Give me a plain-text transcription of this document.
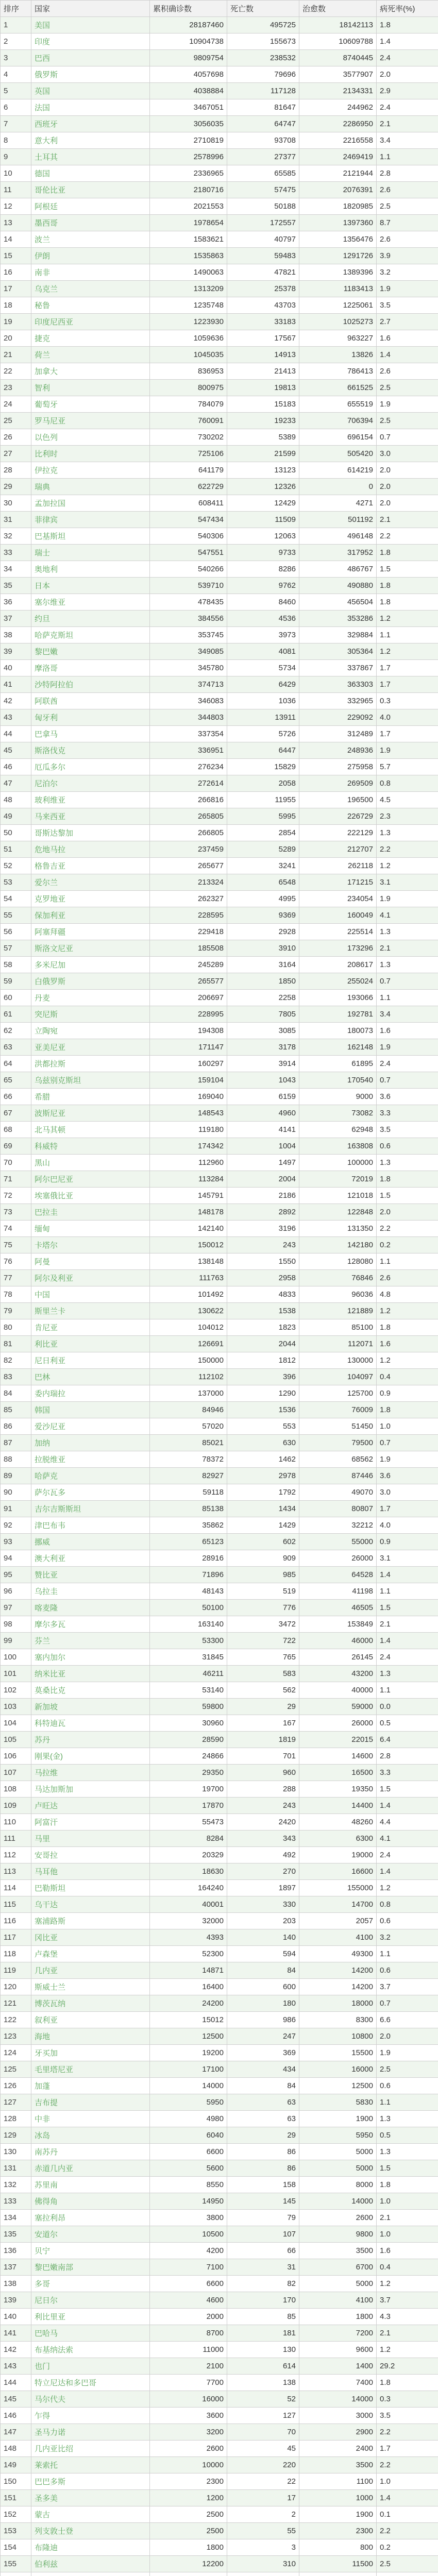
排序	国家	累积确诊数	死亡数	治愈数	病死率(%)
1	美国	28187460	495725	18142113	1.8
2	印度	10904738	155673	10609788	1.4
3	巴西	9809754	238532	8740445	2.4
4	俄罗斯	4057698	79696	3577907	2.0
5	英国	4038884	117128	2134331	2.9
6	法国	3467051	81647	244962	2.4
7	西班牙	3056035	64747	2286950	2.1
8	意大利	2710819	93708	2216558	3.4
9	土耳其	2578996	27377	2469419	1.1
10	德国	2336965	65585	2121944	2.8
11	哥伦比亚	2180716	57475	2076391	2.6
12	阿根廷	2021553	50188	1820985	2.5
13	墨西哥	1978654	172557	1397360	8.7
14	波兰	1583621	40797	1356476	2.6
15	伊朗	1535863	59483	1291726	3.9
16	南非	1490063	47821	1389396	3.2
17	乌克兰	1313209	25378	1183413	1.9
18	秘鲁	1235748	43703	1225061	3.5
19	印度尼西亚	1223930	33183	1025273	2.7
20	捷克	1059636	17567	963227	1.6
21	荷兰	1045035	14913	13826	1.4
22	加拿大	836953	21413	786413	2.6
23	智利	800975	19813	661525	2.5
24	葡萄牙	784079	15183	655519	1.9
25	罗马尼亚	760091	19233	706394	2.5
26	以色列	730202	5389	696154	0.7
27	比利时	725106	21599	505420	3.0
28	伊拉克	641179	13123	614219	2.0
29	瑞典	622729	12326	0	2.0
30	孟加拉国	608411	12429	4271	2.0
31	菲律宾	547434	11509	501192	2.1
32	巴基斯坦	540306	12063	496148	2.2
33	瑞士	547551	9733	317952	1.8
34	奥地利	540266	8286	486767	1.5
35	日本	539710	9762	490880	1.8
36	塞尔维亚	478435	8460	456504	1.8
37	约旦	384556	4536	353286	1.2
38	哈萨克斯坦	353745	3973	329884	1.1
39	黎巴嫩	349085	4081	305364	1.2
40	摩洛哥	345780	5734	337867	1.7
41	沙特阿拉伯	374713	6429	363303	1.7
42	阿联酋	346083	1036	332965	0.3
43	匈牙利	344803	13911	229092	4.0
44	巴拿马	337354	5726	312489	1.7
45	斯洛伐克	336951	6447	248936	1.9
46	厄瓜多尔	276234	15829	275958	5.7
47	尼泊尔	272614	2058	269509	0.8
48	玻利维亚	266816	11955	196500	4.5
49	马来西亚	265805	5995	226729	2.3
50	哥斯达黎加	266805	2854	222129	1.3
51	危地马拉	237459	5289	212707	2.2
52	格鲁吉亚	265677	3241	262118	1.2
53	爱尔兰	213324	6548	171215	3.1
54	克罗地亚	262327	4995	234054	1.9
55	保加利亚	228595	9369	160049	4.1
56	阿塞拜疆	229418	2928	225514	1.3
57	斯洛文尼亚	185508	3910	173296	2.1
58	多米尼加	245289	3164	208617	1.3
59	白俄罗斯	265577	1850	255024	0.7
60	丹麦	206697	2258	193066	1.1
61	突尼斯	228995	7805	192781	3.4
62	立陶宛	194308	3085	180073	1.6
63	亚美尼亚	171147	3178	162148	1.9
64	洪都拉斯	160297	3914	61895	2.4
65	乌兹别克斯坦	159104	1043	170540	0.7
66	希腊	169040	6159	9000	3.6
67	波斯尼亚	148543	4960	73082	3.3
68	北马其顿	119180	4141	62948	3.5
69	科威特	174342	1004	163808	0.6
70	黑山	112960	1497	100000	1.3
71	阿尔巴尼亚	113284	2004	72019	1.8
72	埃塞俄比亚	145791	2186	121018	1.5
73	巴拉圭	148178	2892	122848	2.0
74	缅甸	142140	3196	131350	2.2
75	卡塔尔	150012	243	142180	0.2
76	阿曼	138148	1550	128080	1.1
77	阿尔及利亚	111763	2958	76846	2.6
78	中国	101492	4833	96036	4.8
79	斯里兰卡	130622	1538	121889	1.2
80	肯尼亚	104012	1823	85100	1.8
81	利比亚	126691	2044	112071	1.6
82	尼日利亚	150000	1812	130000	1.2
83	巴林	112102	396	104097	0.4
84	委内瑞拉	137000	1290	125700	0.9
85	韩国	84946	1536	76009	1.8
86	爱沙尼亚	57020	553	51450	1.0
87	加纳	85021	630	79500	0.7
88	拉脱维亚	78372	1462	68562	1.9
89	哈萨克	82927	2978	87446	3.6
90	萨尔瓦多	59118	1792	49070	3.0
91	吉尔吉斯斯坦	85138	1434	80807	1.7
92	津巴布韦	35862	1429	32212	4.0
93	挪威	65123	602	55000	0.9
94	澳大利亚	28916	909	26000	3.1
95	赞比亚	71896	985	64528	1.4
96	乌拉圭	48143	519	41198	1.1
97	喀麦隆	50100	776	46505	1.5
98	摩尔多瓦	163140	3472	153849	2.1
99	芬兰	53300	722	46000	1.4
100	塞内加尔	31845	765	26145	2.4
101	纳米比亚	46211	583	43200	1.3
102	莫桑比克	53140	562	40000	1.1
103	新加坡	59800	29	59000	0.0
104	科特迪瓦	30960	167	26000	0.5
105	苏丹	28590	1819	22015	6.4
106	刚果(金)	24866	701	14600	2.8
107	马拉维	29350	960	16500	3.3
108	马达加斯加	19700	288	19350	1.5
109	卢旺达	17870	243	14400	1.4
110	阿富汗	55473	2420	48260	4.4
111	马里	8284	343	6300	4.1
112	安哥拉	20329	492	19000	2.4
113	马耳他	18630	270	16600	1.4
114	巴勒斯坦	164240	1897	155000	1.2
115	乌干达	40001	330	14700	0.8
116	塞浦路斯	32000	203	2057	0.6
117	冈比亚	4393	140	4100	3.2
118	卢森堡	52300	594	49300	1.1
119	几内亚	14871	84	14200	0.6
120	斯威士兰	16400	600	14200	3.7
121	博茨瓦纳	24200	180	18000	0.7
122	叙利亚	15012	986	8300	6.6
123	海地	12500	247	10800	2.0
124	牙买加	19200	369	15500	1.9
125	毛里塔尼亚	17100	434	16000	2.5
126	加蓬	14000	84	12500	0.6
127	吉布提	5950	63	5830	1.1
128	中非	4980	63	1900	1.3
129	冰岛	6040	29	5950	0.5
130	南苏丹	6600	86	5000	1.3
131	赤道几内亚	5600	86	5000	1.5
132	苏里南	8550	158	8000	1.8
133	佛得角	14950	145	14000	1.0
134	塞拉利昂	3800	79	2600	2.1
135	安道尔	10500	107	9800	1.0
136	贝宁	4200	66	3500	1.6
137	黎巴嫩南部	7100	31	6700	0.4
138	多哥	6600	82	5000	1.2
139	尼日尔	4600	170	4100	3.7
140	利比里亚	2000	85	1800	4.3
141	巴哈马	8700	181	7200	2.1
142	布基纳法索	11000	130	9600	1.2
143	也门	2100	614	1400	29.2
144	特立尼达和多巴哥	7700	138	7400	1.8
145	马尔代夫	16000	52	14000	0.3
146	乍得	3600	127	3000	3.5
147	圣马力诺	3200	70	2900	2.2
148	几内亚比绍	2600	45	2400	1.7
149	莱索托	10000	220	3500	2.2
150	巴巴多斯	2300	22	1100	1.0
151	圣多美	1200	17	1000	1.4
152	蒙古	2500	2	1900	0.1
153	列支敦士登	2500	55	2300	2.2
154	布隆迪	1800	3	800	0.2
155	伯利兹	12200	310	11500	2.5
